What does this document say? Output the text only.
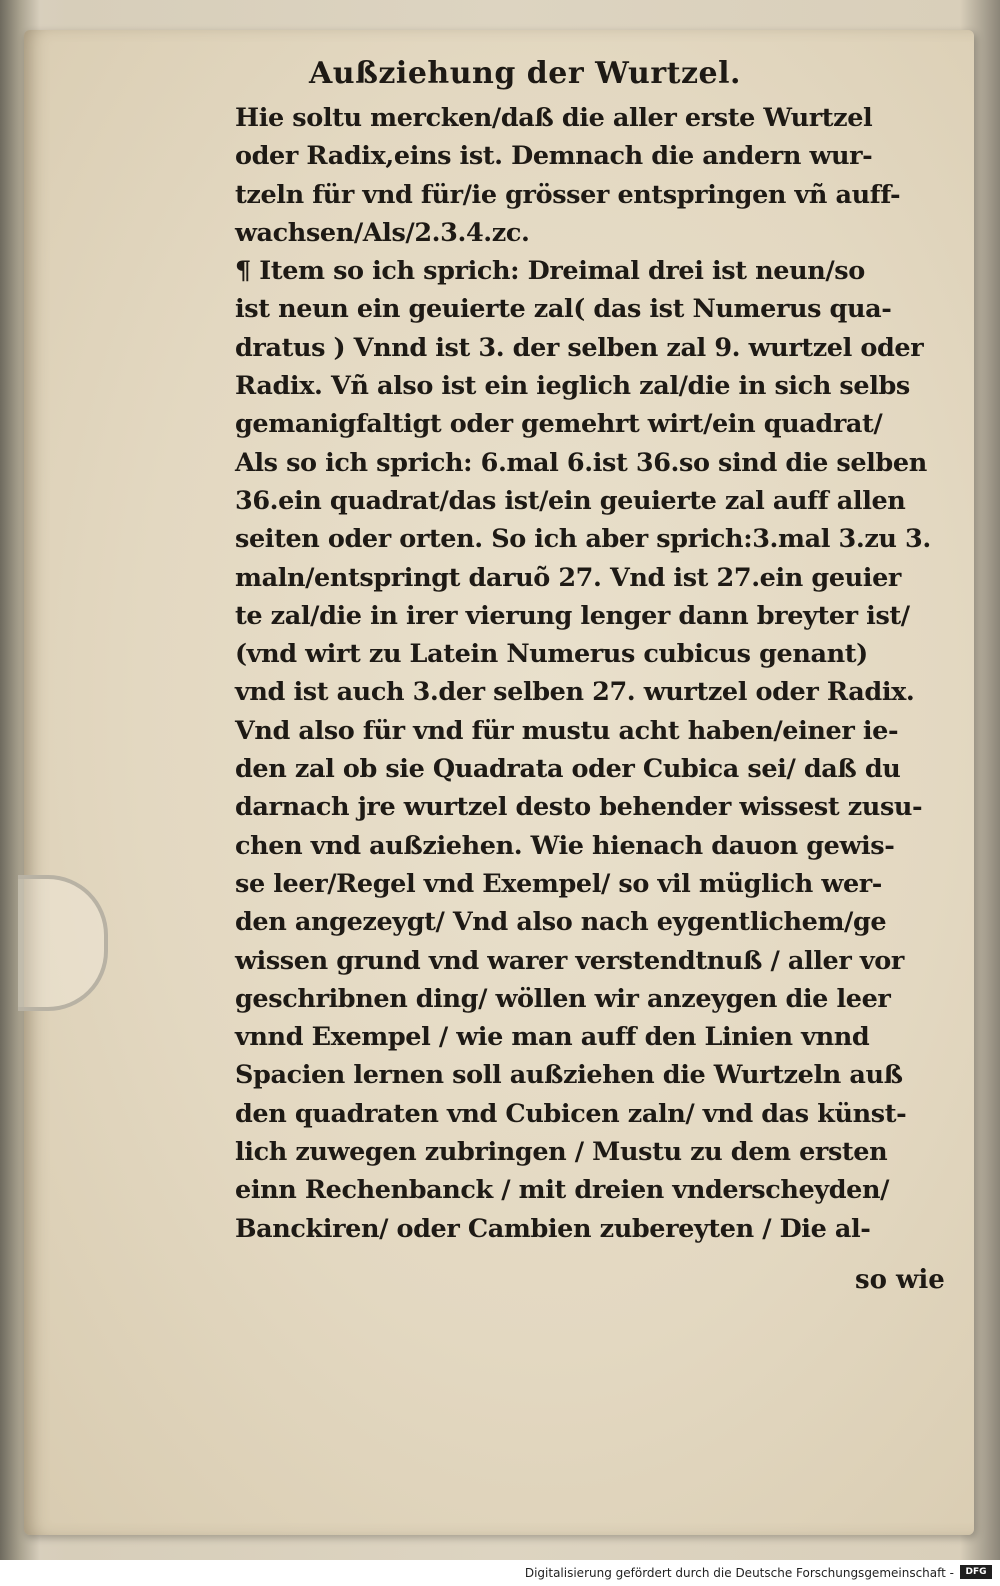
Außziehung der Wurtzel.
Hie soltu mercken/daß die aller erste Wurtzel
oder Radix,eins ist. Demnach die andern wur-
tzeln für vnd für/ie grösser entspringen vñ auff-
wachsen/Als/2.3.4.zc.
¶ Item so ich sprich: Dreimal drei ist neun/so
ist neun ein geuierte zal( das ist Numerus qua-
dratus ) Vnnd ist 3. der selben zal 9. wurtzel oder
Radix. Vñ also ist ein ieglich zal/die in sich selbs
gemanigfaltigt oder gemehrt wirt/ein quadrat/
Als so ich sprich: 6.mal 6.ist 36.so sind die selben
36.ein quadrat/das ist/ein geuierte zal auff allen
seiten oder orten. So ich aber sprich:3.mal 3.zu 3.
maln/entspringt daruõ 27. Vnd ist 27.ein geuier
te zal/die in irer vierung lenger dann breyter ist/
(vnd wirt zu Latein Numerus cubicus genant)
vnd ist auch 3.der selben 27. wurtzel oder Radix.
Vnd also für vnd für mustu acht haben/einer ie-
den zal ob sie Quadrata oder Cubica sei/ daß du
darnach jre wurtzel desto behender wissest zusu-
chen vnd außziehen. Wie hienach dauon gewis-
se leer/Regel vnd Exempel/ so vil müglich wer-
den angezeygt/ Vnd also nach eygentlichem/ge
wissen grund vnd warer verstendtnuß / aller vor
geschribnen ding/ wöllen wir anzeygen die leer
vnnd Exempel / wie man auff den Linien vnnd
Spacien lernen soll außziehen die Wurtzeln auß
den quadraten vnd Cubicen zaln/ vnd das künst-
lich zuwegen zubringen / Mustu zu dem ersten
einn Rechenbanck / mit dreien vnderscheyden/
Banckiren/ oder Cambien zubereyten / Die al-
so wie
Digitalisierung gefördert durch die Deutsche Forschungsgemeinschaft -	DFG
